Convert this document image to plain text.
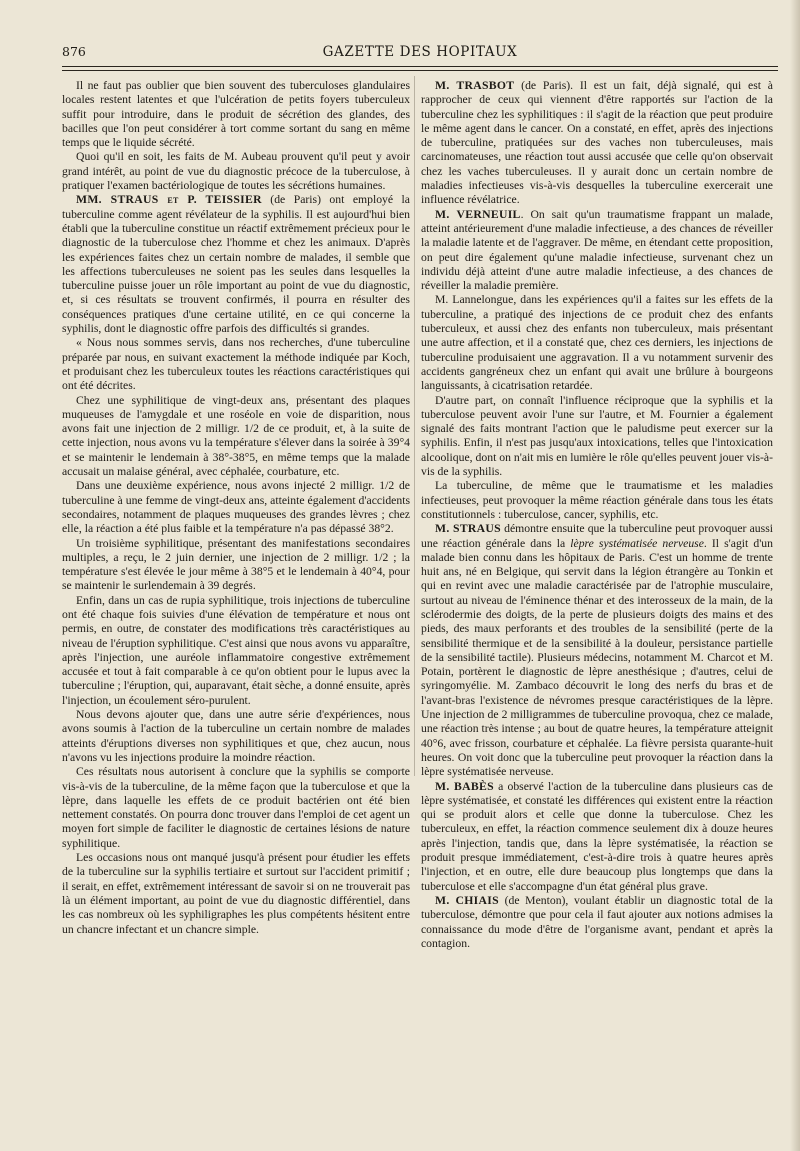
876	GAZETTE DES HOPITAUX

Il ne faut pas oublier que bien souvent des tuberculoses glandulaires locales restent latentes et que l'ulcération de petits foyers tuberculeux suffit pour introduire, dans le produit de sécrétion des glandes, des bacilles que l'on peut considérer à tort comme sortant du sang en même temps que le liquide sécrété.

Quoi qu'il en soit, les faits de M. Aubeau prouvent qu'il peut y avoir grand intérêt, au point de vue du diagnostic précoce de la tuberculose, à pratiquer l'examen bactériologique de toutes les sécrétions humaines.

MM. STRAUS et P. TEISSIER (de Paris) ont employé la tuberculine comme agent révélateur de la syphilis. Il est aujourd'hui bien établi que la tuberculine constitue un réactif extrêmement précieux pour le diagnostic de la tuberculose chez l'homme et chez les animaux. D'après les expériences faites chez un certain nombre de malades, il semble que les affections tuberculeuses ne soient pas les seules dans lesquelles la tuberculine puisse jouer un rôle important au point de vue du diagnostic, et, si ces résultats se trouvent confirmés, il pourra en résulter des conséquences pratiques d'une certaine utilité, en ce qui concerne la syphilis, dont le diagnostic offre parfois des difficultés si grandes.

« Nous nous sommes servis, dans nos recherches, d'une tuberculine préparée par nous, en suivant exactement la méthode indiquée par Koch, et produisant chez les tuberculeux toutes les réactions caractéristiques qui ont été décrites.

Chez une syphilitique de vingt-deux ans, présentant des plaques muqueuses de l'amygdale et une roséole en voie de disparition, nous avons fait une injection de 2 milligr. 1/2 de ce produit, et, à la suite de cette injection, nous avons vu la température s'élever dans la soirée à 39°4 et se maintenir le lendemain à 38°-38°5, en même temps que la malade accusait un malaise général, avec céphalée, courbature, etc.

Dans une deuxième expérience, nous avons injecté 2 milligr. 1/2 de tuberculine à une femme de vingt-deux ans, atteinte également d'accidents secondaires, notamment de plaques muqueuses des grandes lèvres ; chez elle, la réaction a été plus faible et la température n'a pas dépassé 38°2.

Un troisième syphilitique, présentant des manifestations secondaires multiples, a reçu, le 2 juin dernier, une injection de 2 milligr. 1/2 ; la température s'est élevée le jour même à 38°5 et le lendemain à 40°4, pour se maintenir le surlendemain à 39 degrés.

Enfin, dans un cas de rupia syphilitique, trois injections de tuberculine ont été chaque fois suivies d'une élévation de température et nous ont permis, en outre, de constater des modifications très caractéristiques au niveau de l'éruption syphilitique. C'est ainsi que nous avons vu apparaître, après l'injection, une auréole inflammatoire congestive extrêmement accusée et tout à fait comparable à ce qu'on obtient pour le lupus avec la tuberculine ; l'éruption, qui, auparavant, était sèche, a donné ensuite, après l'injection, un écoulement séro-purulent.

Nous devons ajouter que, dans une autre série d'expériences, nous avons soumis à l'action de la tuberculine un certain nombre de malades atteints d'éruptions diverses non syphilitiques et que, chez aucun, nous n'avons vu les injections produire la moindre réaction.

Ces résultats nous autorisent à conclure que la syphilis se comporte vis-à-vis de la tuberculine, de la même façon que la tuberculose et que la lèpre, dans laquelle les effets de ce produit bactérien ont été bien nettement constatés. On pourra donc trouver dans l'emploi de cet agent un moyen fort simple de faciliter le diagnostic de certaines lésions de nature syphilitique.

Les occasions nous ont manqué jusqu'à présent pour étudier les effets de la tuberculine sur la syphilis tertiaire et surtout sur l'accident primitif ; il serait, en effet, extrêmement intéressant de savoir si on ne trouverait pas là un élément important, au point de vue du diagnostic différentiel, dans les cas nombreux où les syphiligraphes les plus compétents hésitent entre un chancre infectant et un chancre simple.

M. TRASBOT (de Paris). Il est un fait, déjà signalé, qui est à rapprocher de ceux qui viennent d'être rapportés sur l'action de la tuberculine chez les syphilitiques : il s'agit de la réaction que peut produire le même agent dans le cancer. On a constaté, en effet, après des injections de tuberculine, pratiquées sur des vaches non tuberculeuses, mais carcinomateuses, une réaction tout aussi accusée que celle qu'on observait chez les vaches tuberculeuses. Il y aurait donc un certain nombre de maladies infectieuses vis-à-vis desquelles la tuberculine exercerait une influence révélatrice.

M. VERNEUIL. On sait qu'un traumatisme frappant un malade, atteint antérieurement d'une maladie infectieuse, a des chances de réveiller la maladie latente et de l'aggraver. De même, en étendant cette proposition, on peut dire également qu'une maladie infectieuse, survenant chez un individu déjà atteint d'une autre maladie infectieuse, a des chances de réveiller la maladie première.

M. Lannelongue, dans les expériences qu'il a faites sur les effets de la tuberculine, a pratiqué des injections de ce produit chez des enfants tuberculeux, et aussi chez des enfants non tuberculeux, mais présentant une autre affection, et il a constaté que, chez ces derniers, les injections de tuberculine produisaient une aggravation. Il a vu notamment survenir des accidents gangréneux chez un enfant qui avait une brûlure à bourgeons languissants, à cicatrisation retardée.

D'autre part, on connaît l'influence réciproque que la syphilis et la tuberculose peuvent avoir l'une sur l'autre, et M. Fournier a également signalé des faits montrant l'action que le paludisme peut exercer sur la syphilis. Enfin, il n'est pas jusqu'aux intoxications, telles que l'intoxication alcoolique, dont on n'ait mis en lumière le rôle qu'elles peuvent jouer vis-à-vis de la syphilis.

La tuberculine, de même que le traumatisme et les maladies infectieuses, peut provoquer la même réaction générale dans tous les états constitutionnels : tuberculose, cancer, syphilis, etc.

M. STRAUS démontre ensuite que la tuberculine peut provoquer aussi une réaction générale dans la lèpre systématisée nerveuse. Il s'agit d'un malade bien connu dans les hôpitaux de Paris. C'est un homme de trente huit ans, né en Belgique, qui servit dans la légion étrangère au Tonkin et qui en revint avec une maladie caractérisée par de l'atrophie musculaire, surtout au niveau de l'éminence thénar et des interosseux de la main, de la sclérodermie des doigts, de la perte de plusieurs doigts des mains et des pieds, des maux perforants et des troubles de la sensibilité (perte de la sensibilité thermique et de la sensibilité à la douleur, persistance partielle de la sensibilité tactile). Plusieurs médecins, notamment M. Charcot et M. Potain, portèrent le diagnostic de lèpre anesthésique ; d'autres, celui de syringomyélie. M. Zambaco découvrit le long des nerfs du bras et de l'avant-bras l'existence de névromes presque caractéristiques de la lèpre. Une injection de 2 milligrammes de tuberculine provoqua, chez ce malade, une réaction très intense ; au bout de quatre heures, la température atteignit 40°6, avec frisson, courbature et céphalée. La fièvre persista quarante-huit heures. On voit donc que la tuberculine peut provoquer la réaction dans la lèpre systématisée nerveuse.

M. BABÈS a observé l'action de la tuberculine dans plusieurs cas de lèpre systématisée, et constaté les différences qui existent entre la réaction qui se produit alors et celle que donne la tuberculose. Chez les tuberculeux, en effet, la réaction commence seulement dix à douze heures après l'injection, tandis que, dans la lèpre systématisée, la réaction se produit presque immédiatement, c'est-à-dire trois à quatre heures après l'injection, et en outre, elle dure beaucoup plus longtemps que dans la tuberculose et elle s'accompagne d'un état général plus grave.

M. CHIAIS (de Menton), voulant établir un diagnostic total de la tuberculose, démontre que pour cela il faut ajouter aux notions admises la connaissance du mode d'être de l'organisme avant, pendant et après la contagion.
